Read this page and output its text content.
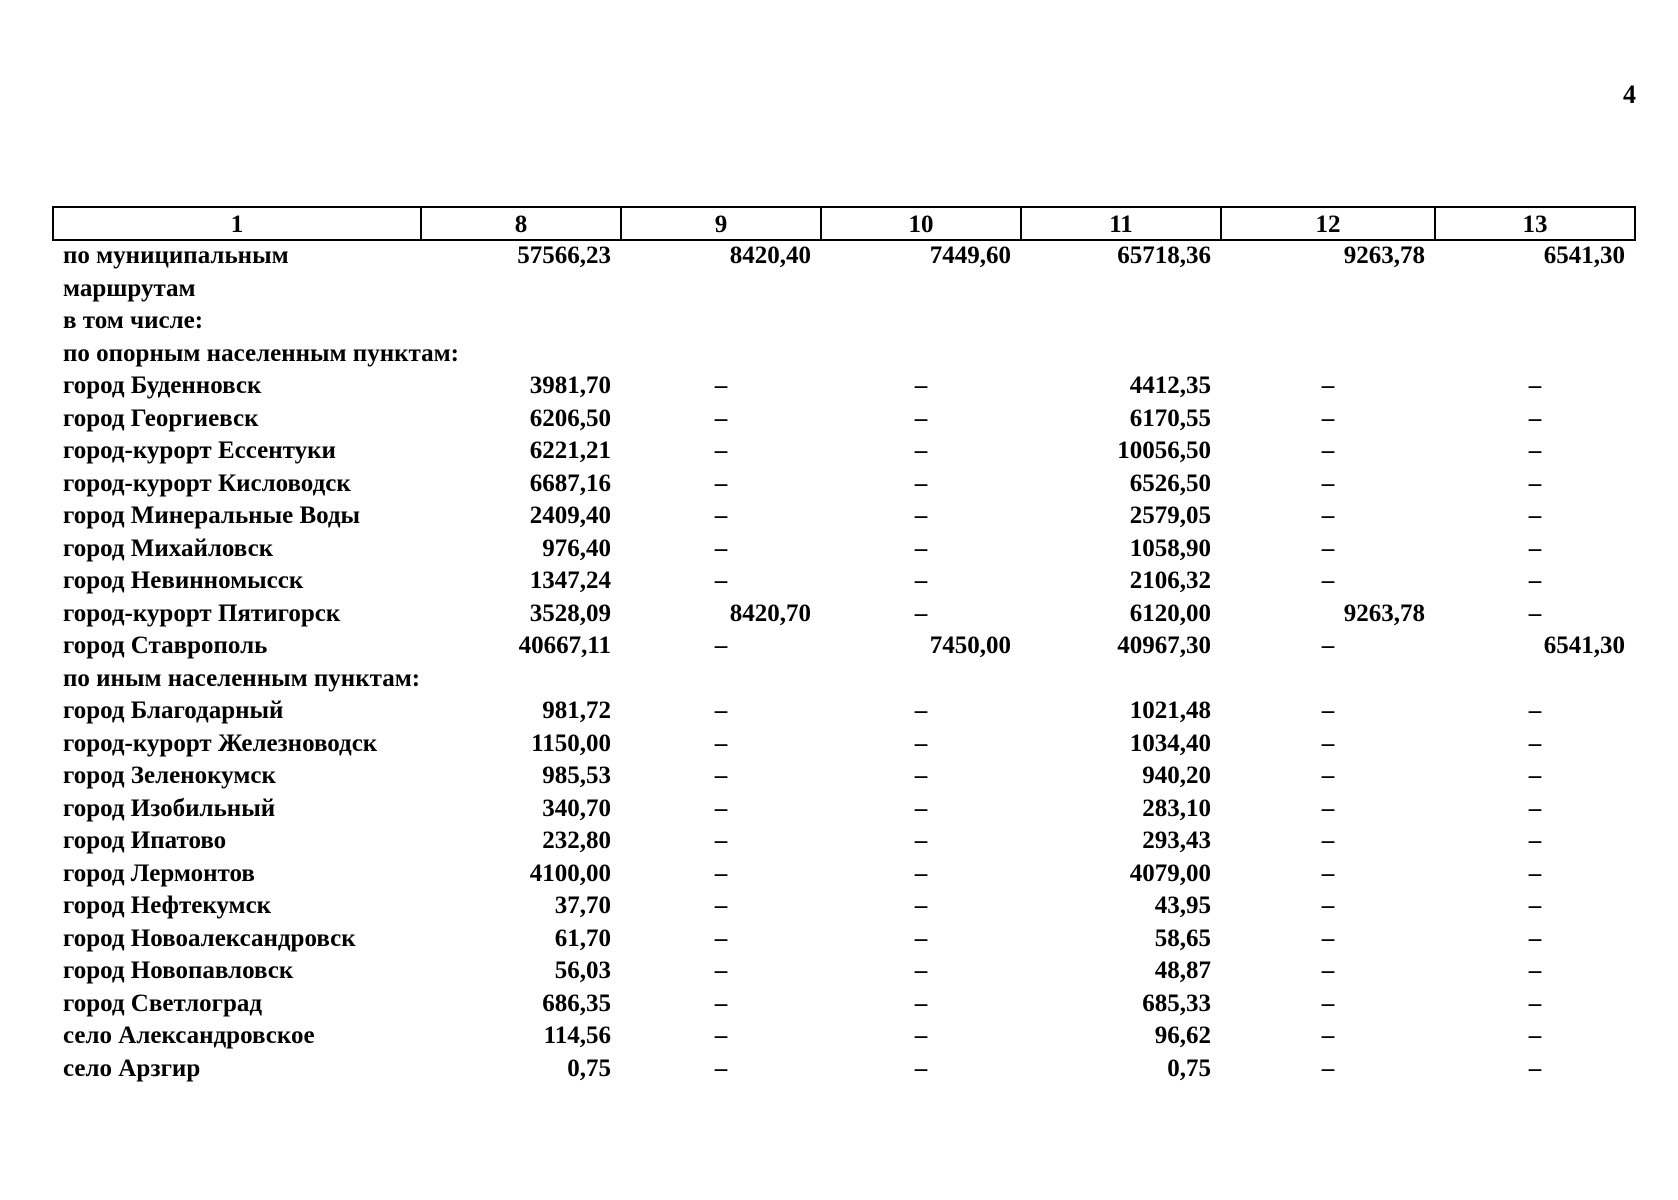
4
1	8	9	10	11	12	13
по муниципальным	57566,23	8420,40	7449,60	65718,36	9263,78	6541,30
маршрутам						
в том числе:						
по опорным населенным пунктам:						
город Буденновск	3981,70	–	–	4412,35	–	–
город Георгиевск	6206,50	–	–	6170,55	–	–
город-курорт Ессентуки	6221,21	–	–	10056,50	–	–
город-курорт Кисловодск	6687,16	–	–	6526,50	–	–
город Минеральные Воды	2409,40	–	–	2579,05	–	–
город Михайловск	976,40	–	–	1058,90	–	–
город Невинномысск	1347,24	–	–	2106,32	–	–
город-курорт Пятигорск	3528,09	8420,70	–	6120,00	9263,78	–
город Ставрополь	40667,11	–	7450,00	40967,30	–	6541,30
по иным населенным пунктам:						
город Благодарный	981,72	–	–	1021,48	–	–
город-курорт Железноводск	1150,00	–	–	1034,40	–	–
город Зеленокумск	985,53	–	–	940,20	–	–
город Изобильный	340,70	–	–	283,10	–	–
город Ипатово	232,80	–	–	293,43	–	–
город Лермонтов	4100,00	–	–	4079,00	–	–
город Нефтекумск	37,70	–	–	43,95	–	–
город Новоалександровск	61,70	–	–	58,65	–	–
город Новопавловск	56,03	–	–	48,87	–	–
город Светлоград	686,35	–	–	685,33	–	–
село Александровское	114,56	–	–	96,62	–	–
село Арзгир	0,75	–	–	0,75	–	–
